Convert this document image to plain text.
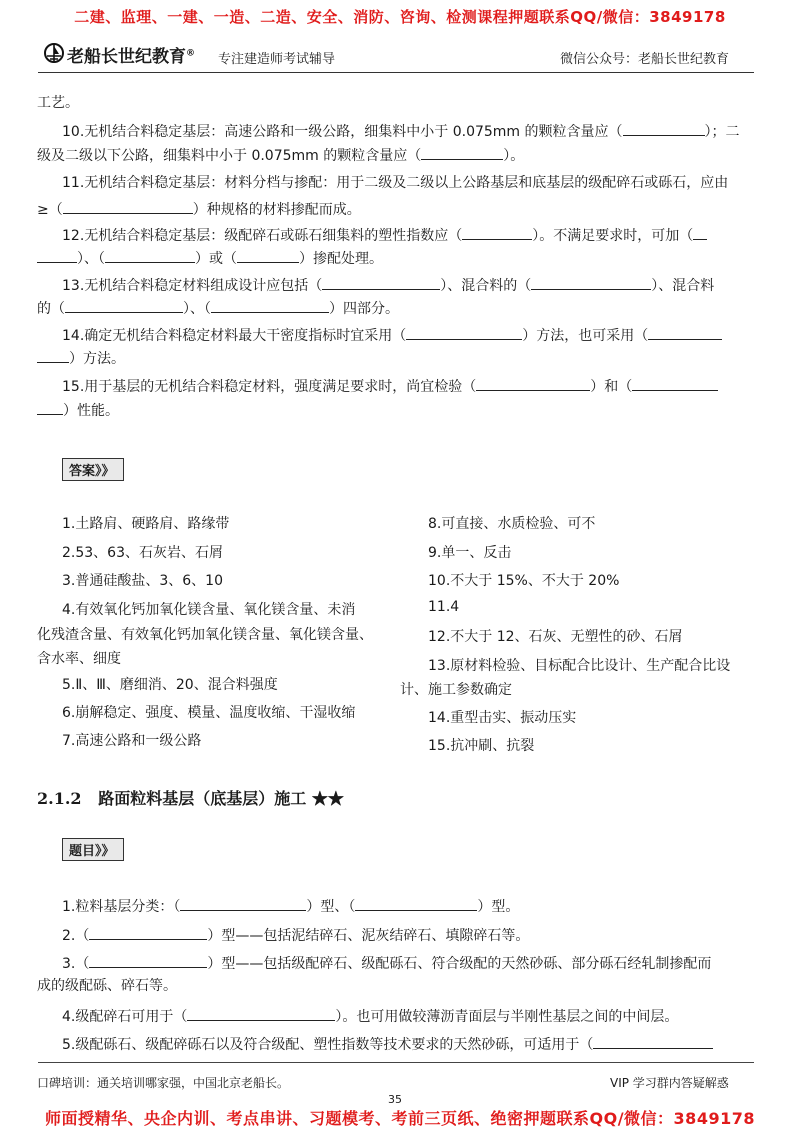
二建、监理、一建、一造、二造、安全、消防、咨询、检测课程押题联系QQ/微信：3849178
老船长世纪教育® 专注建造师考试辅导	微信公众号：老船长世纪教育
工艺。
10.无机结合料稳定基层：高速公路和一级公路，细集料中小于 0.075mm 的颗粒含量应（	）；二
级及二级以下公路，细集料中小于 0.075mm 的颗粒含量应（	）。
11.无机结合料稳定基层：材料分档与掺配：用于二级及二级以上公路基层和底基层的级配碎石或砾石，应由
≥（	）种规格的材料掺配而成。
12.无机结合料稳定基层：级配碎石或砾石细集料的塑性指数应（	）。不满足要求时，可加（
）、（	）或（	）掺配处理。
13.无机结合料稳定材料组成设计应包括（	）、混合料的（	）、混合料
的（	）、（	）四部分。
14.确定无机结合料稳定材料最大干密度指标时宜采用（	）方法，也可采用（
）方法。
15.用于基层的无机结合料稳定材料，强度满足要求时，尚宜检验（	）和（
）性能。
答案》》
1.土路肩、硬路肩、路缘带
2.53、63、石灰岩、石屑
3.普通硅酸盐、3、6、10
4.有效氧化钙加氧化镁含量、氧化镁含量、未消
化残渣含量、有效氧化钙加氧化镁含量、氧化镁含量、
含水率、细度
5.Ⅱ、Ⅲ、磨细消、20、混合料强度
6.崩解稳定、强度、模量、温度收缩、干湿收缩
7.高速公路和一级公路
8.可直接、水质检验、可不
9.单一、反击
10.不大于 15%、不大于 20%
11.4
12.不大于 12、石灰、无塑性的砂、石屑
13.原材料检验、目标配合比设计、生产配合比设
计、施工参数确定
14.重型击实、振动压实
15.抗冲刷、抗裂
2.1.2 路面粒料基层（底基层）施工 ★★
题目》》
1.粒料基层分类：（	）型、（	）型。
2.（	）型——包括泥结碎石、泥灰结碎石、填隙碎石等。
3.（	）型——包括级配碎石、级配砾石、符合级配的天然砂砾、部分砾石经轧制掺配而
成的级配砾、碎石等。
4.级配碎石可用于（	）。也可用做较薄沥青面层与半刚性基层之间的中间层。
5.级配砾石、级配碎砾石以及符合级配、塑性指数等技术要求的天然砂砾，可适用于（
口碑培训：通关培训哪家强，中国北京老船长。	VIP 学习群内答疑解惑
35
师面授精华、央企内训、考点串讲、习题模考、考前三页纸、绝密押题联系QQ/微信：3849178
